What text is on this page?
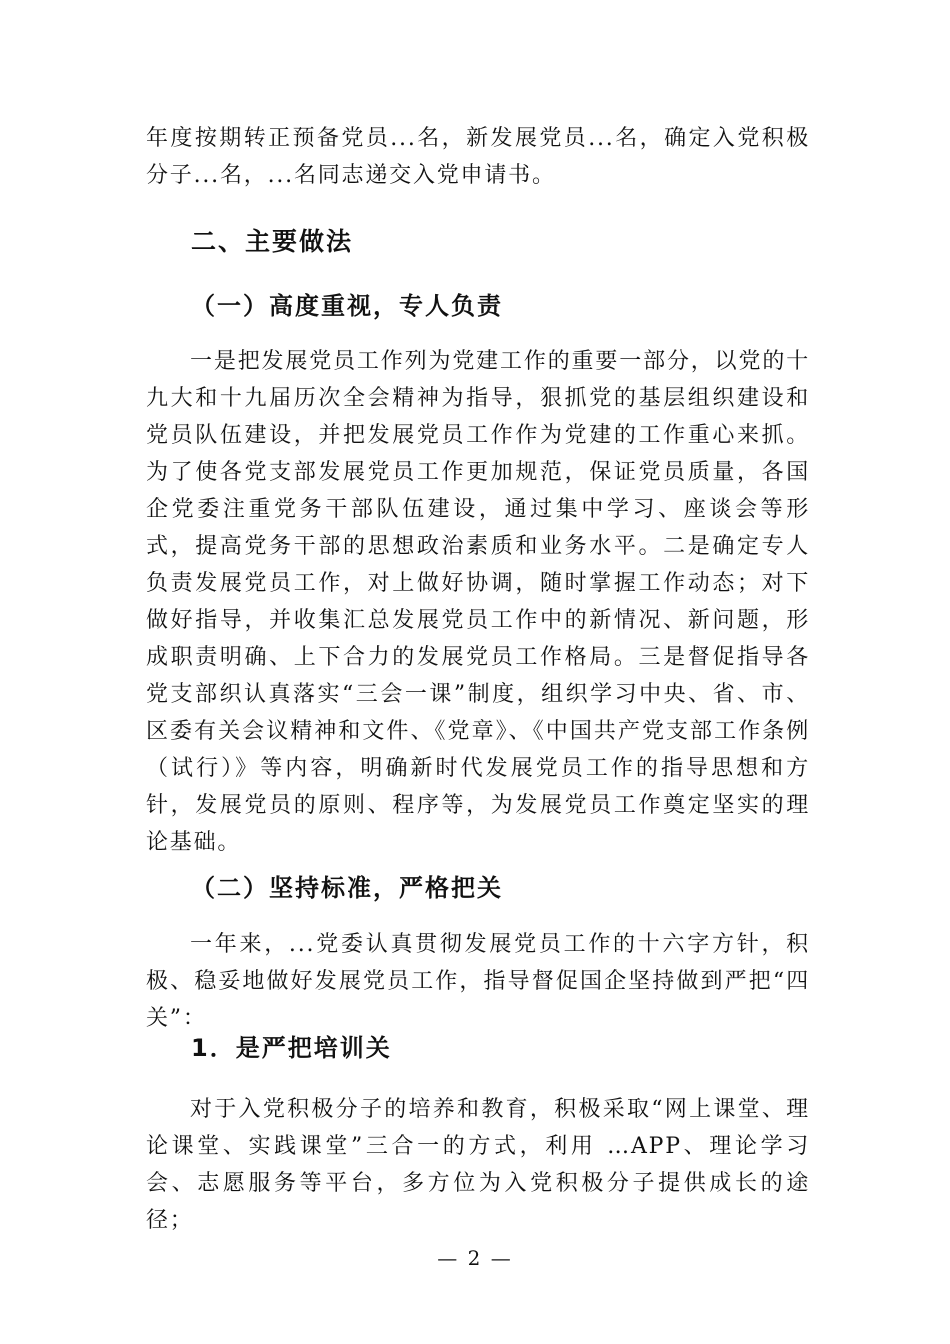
年度按期转正预备党员...名，新发展党员...名，确定入党积极分子...名，...名同志递交入党申请书。

二、主要做法
（一）高度重视，专人负责

一是把发展党员工作列为党建工作的重要一部分，以党的十九大和十九届历次全会精神为指导，狠抓党的基层组织建设和党员队伍建设，并把发展党员工作作为党建的工作重心来抓。为了使各党支部发展党员工作更加规范，保证党员质量，各国企党委注重党务干部队伍建设，通过集中学习、座谈会等形式，提高党务干部的思想政治素质和业务水平。二是确定专人负责发展党员工作，对上做好协调，随时掌握工作动态；对下做好指导，并收集汇总发展党员工作中的新情况、新问题，形成职责明确、上下合力的发展党员工作格局。三是督促指导各党支部织认真落实“三会一课”制度，组织学习中央、省、市、区委有关会议精神和文件、《党章》、《中国共产党支部工作条例（试行）》等内容，明确新时代发展党员工作的指导思想和方针，发展党员的原则、程序等，为发展党员工作奠定坚实的理论基础。

（二）坚持标准，严格把关

一年来，...党委认真贯彻发展党员工作的十六字方针，积极、稳妥地做好发展党员工作，指导督促国企坚持做到严把“四关”：

1．是严把培训关

对于入党积极分子的培养和教育，积极采取“网上课堂、理论课堂、实践课堂”三合一的方式，利用 …APP、理论学习会、志愿服务等平台，多方位为入党积极分子提供成长的途径；

— 2 —
